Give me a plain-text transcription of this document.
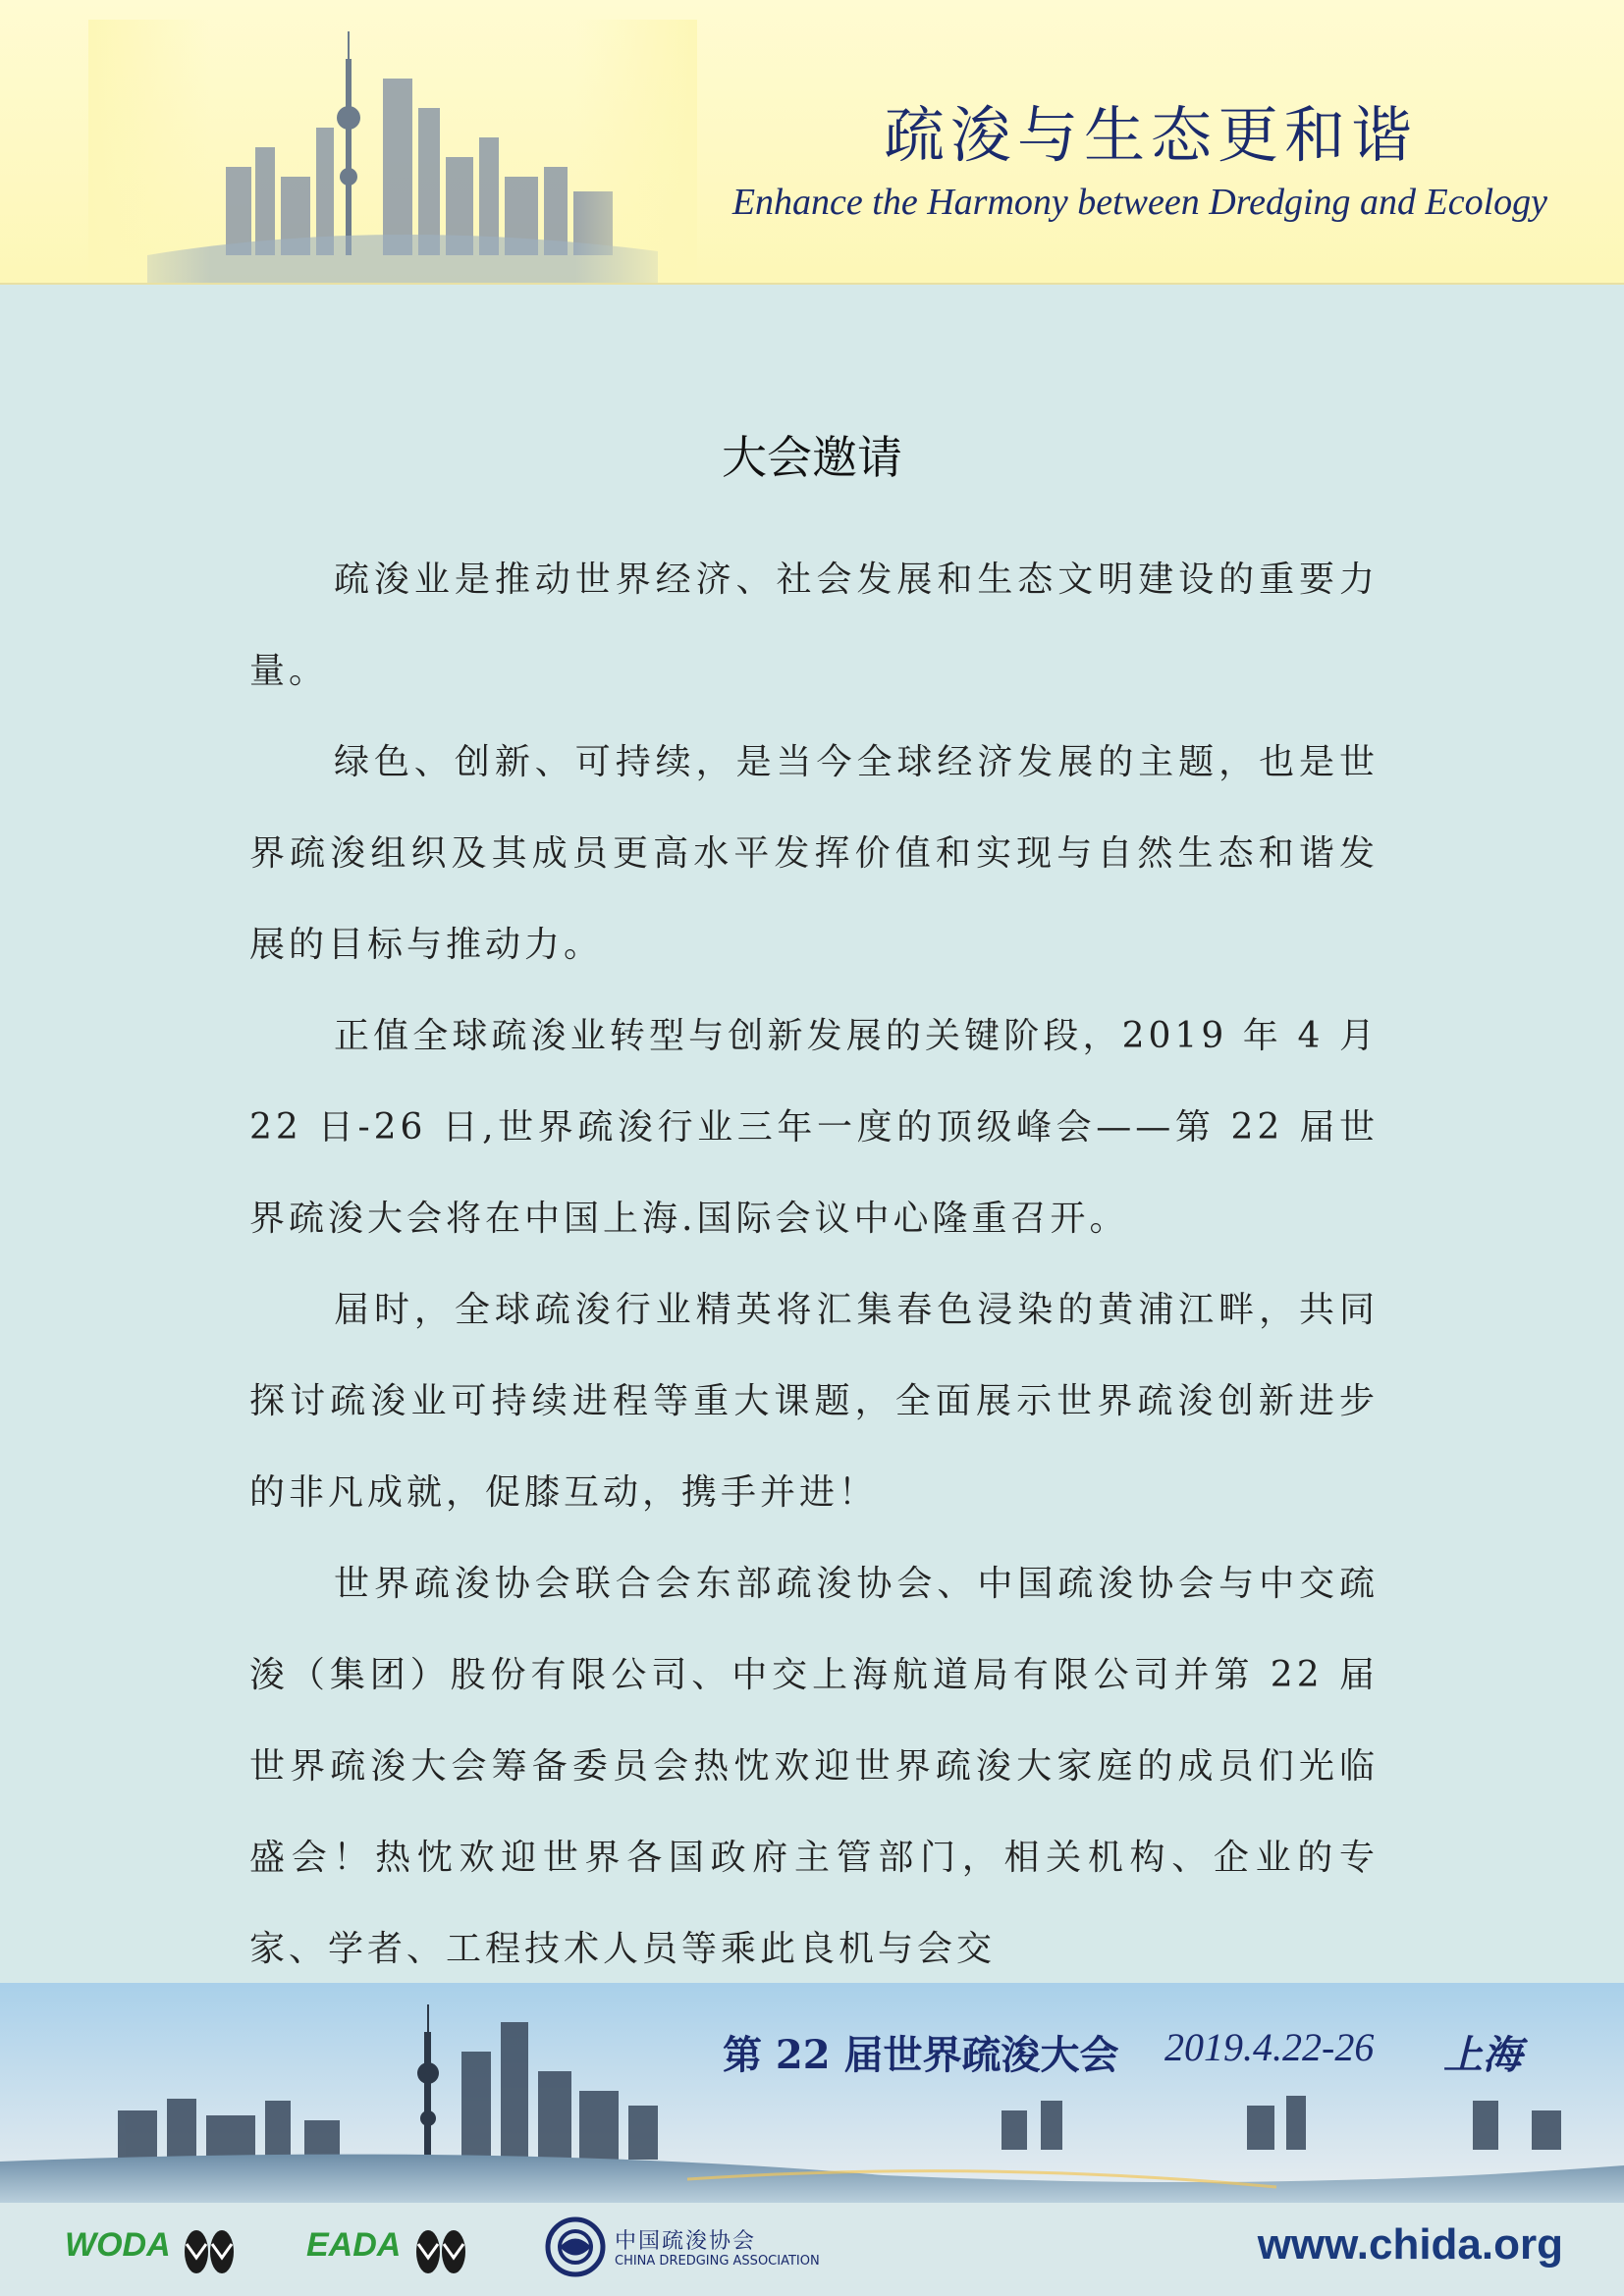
疏浚与生态更和谐
Enhance the Harmony between Dredging and Ecology
大会邀请

疏浚业是推动世界经济、社会发展和生态文明建设的重要力量。

绿色、创新、可持续，是当今全球经济发展的主题，也是世界疏浚组织及其成员更高水平发挥价值和实现与自然生态和谐发展的目标与推动力。

正值全球疏浚业转型与创新发展的关键阶段，2019 年 4 月 22 日-26 日,世界疏浚行业三年一度的顶级峰会——第 22 届世界疏浚大会将在中国上海.国际会议中心隆重召开。

届时，全球疏浚行业精英将汇集春色浸染的黄浦江畔，共同探讨疏浚业可持续进程等重大课题，全面展示世界疏浚创新进步的非凡成就，促膝互动，携手并进！

世界疏浚协会联合会东部疏浚协会、中国疏浚协会与中交疏浚（集团）股份有限公司、中交上海航道局有限公司并第 22 届世界疏浚大会筹备委员会热忱欢迎世界疏浚大家庭的成员们光临盛会！热忱欢迎世界各国政府主管部门，相关机构、企业的专家、学者、工程技术人员等乘此良机与会交

第 22 届世界疏浚大会 2019.4.22-26 上海
WODA	EADA	中国疏浚协会
CHINA DREDGING ASSOCIATION	www.chida.org
